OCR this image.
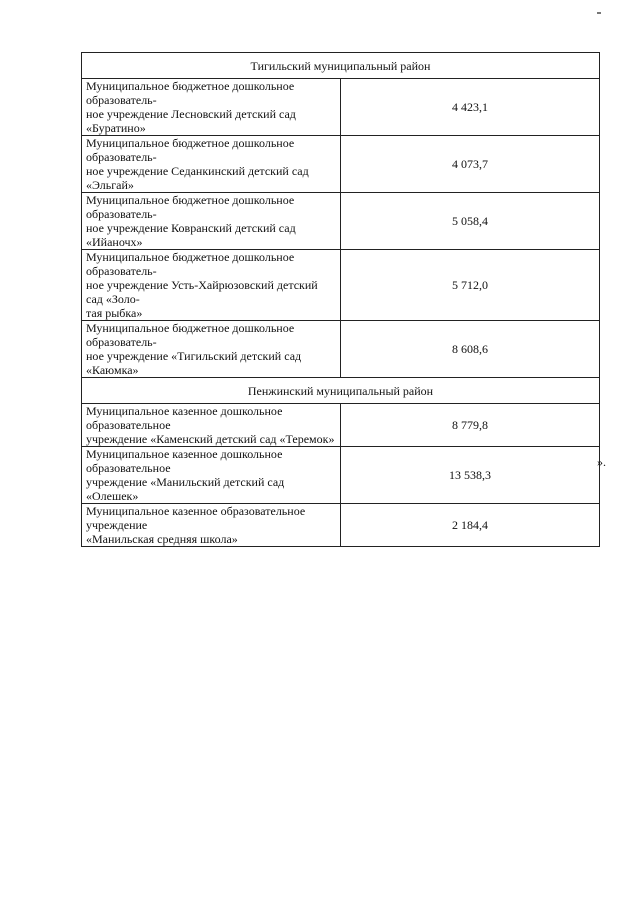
Тигильский муниципальный район	

Муниципальное бюджетное дошкольное образователь-
ное учреждение Лесновский детский сад «Буратино»	4 423,1

Муниципальное бюджетное дошкольное образователь-
ное учреждение Седанкинский детский сад «Эльгай»	4 073,7

Муниципальное бюджетное дошкольное образователь-
ное учреждение Ковранский детский сад «Ийаночх»	5 058,4

Муниципальное бюджетное дошкольное образователь-
ное учреждение Усть-Хайрюзовский детский сад «Золо-
тая рыбка»	5 712,0

Муниципальное бюджетное дошкольное образователь-
ное учреждение «Тигильский детский сад «Каюмка»	8 608,6
Пенжинский муниципальный район	

Муниципальное казенное дошкольное образовательное
учреждение «Каменский детский сад «Теремок»	8 779,8

Муниципальное казенное дошкольное образовательное
учреждение «Манильский детский сад «Олешек»	13 538,3

Муниципальное казенное образовательное учреждение
«Манильская средняя школа»	2 184,4
».
